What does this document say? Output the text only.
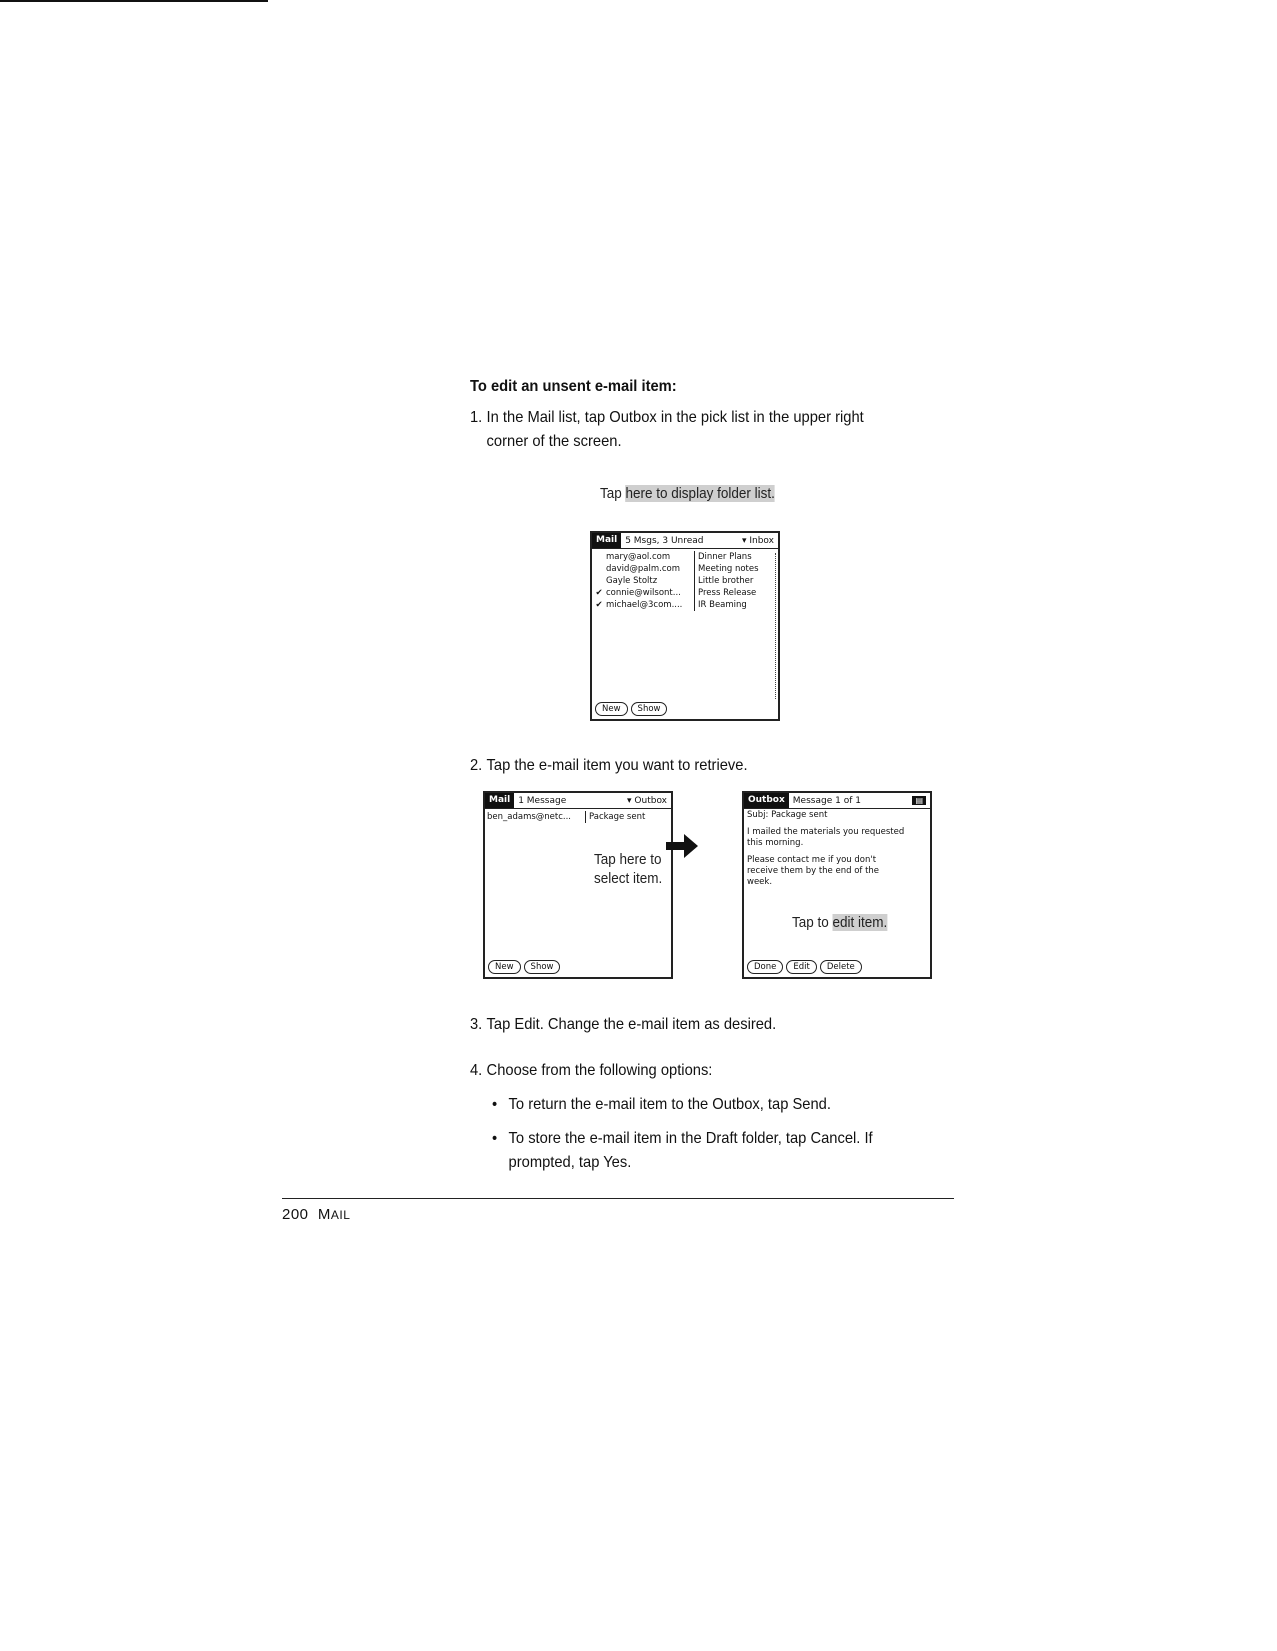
To edit an unsent e-mail item:
1. In the Mail list, tap Outbox in the pick list in the upper right
corner of the screen.
Tap here to display folder list.
Mail 5 Msgs, 3 Unread	▾ Inbox
mary@aol.com	Dinner Plans
david@palm.com	Meeting notes
Gayle Stoltz	Little brother
✔ connie@wilsont...	Press Release
✔ michael@3com....	IR Beaming
New	Show
2. Tap the e-mail item you want to retrieve.
Mail 1 Message	▾ Outbox
ben_adams@netc...	Package sent
New	Show
Tap here to
select item.
Outbox Message 1 of 1	▤
Subj: Package sent
I mailed the materials you requested
this morning.
Please contact me if you don't
receive them by the end of the
week.
Done	Edit	Delete
Tap to edit item.
3. Tap Edit. Change the e-mail item as desired.
4. Choose from the following options:
• To return the e-mail item to the Outbox, tap Send.
• To store the e-mail item in the Draft folder, tap Cancel. If
prompted, tap Yes.
200 MAIL
